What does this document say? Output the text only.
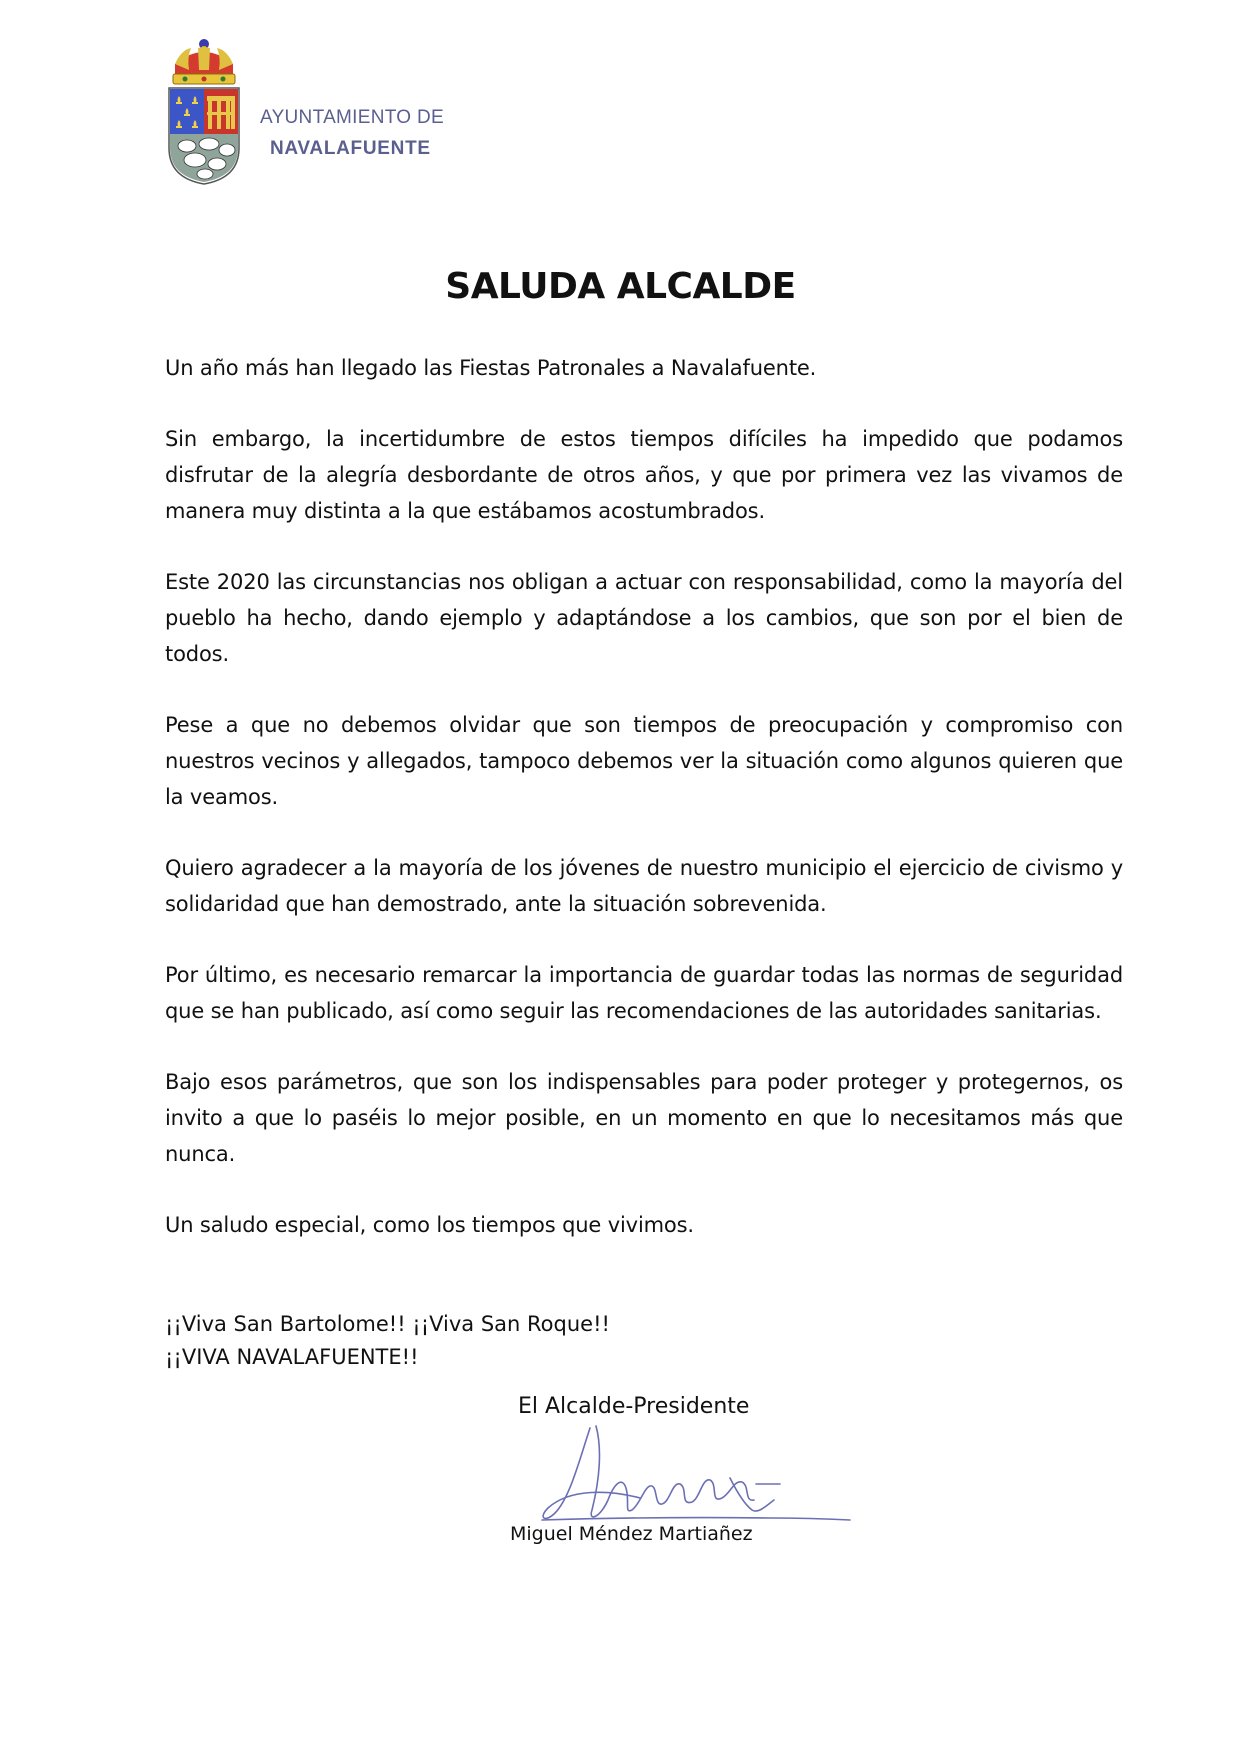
AYUNTAMIENTO DE
NAVALAFUENTE
SALUDA ALCALDE

Un año más han llegado las Fiestas Patronales a Navalafuente.

Sin embargo, la incertidumbre de estos tiempos difíciles ha impedido que podamos disfrutar de la alegría desbordante de otros años, y que por primera vez las vivamos de manera muy distinta a la que estábamos acostumbrados.

Este 2020 las circunstancias nos obligan a actuar con responsabilidad, como la mayoría del pueblo ha hecho, dando ejemplo y adaptándose a los cambios, que son por el bien de todos.

Pese a que no debemos olvidar que son tiempos de preocupación y compromiso con nuestros vecinos y allegados, tampoco debemos ver la situación como algunos quieren que la veamos.

Quiero agradecer a la mayoría de los jóvenes de nuestro municipio el ejercicio de civismo y solidaridad que han demostrado, ante la situación sobrevenida.

Por último, es necesario remarcar la importancia de guardar todas las normas de seguridad que se han publicado, así como seguir las recomendaciones de las autoridades sanitarias.

Bajo esos parámetros, que son los indispensables para poder proteger y protegernos, os invito a que lo paséis lo mejor posible, en un momento en que lo necesitamos más que nunca.

Un saludo especial, como los tiempos que vivimos.

¡¡Viva San Bartolome!! ¡¡Viva San Roque!!
¡¡VIVA NAVALAFUENTE!!
El Alcalde-Presidente
Miguel Méndez Martiañez
